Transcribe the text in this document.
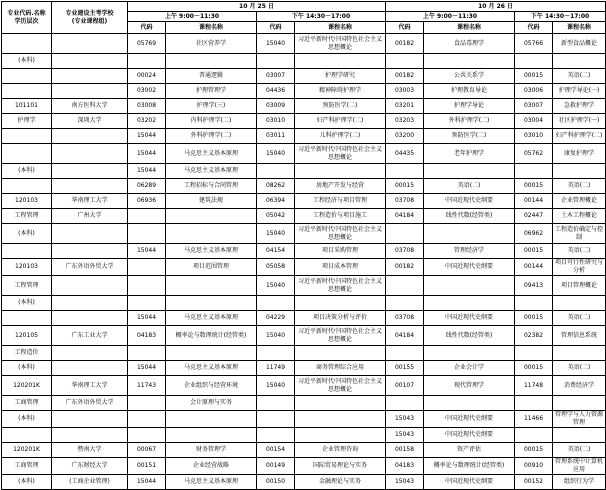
专业代码.名称
学历层次	专业建设主考学校
(专业课程组)	10 月 25 日				10 月 26 日			
		上午 9:00－11:30		下午 14:30－17:00		上午 9:00－11:30		下午 14:30－17:00	
		代码	课程名称	代码	课程名称	代码	课程名称	代码	课程名称
		05769	社区营养学	15040	习近平新时代中国特色社会主义思想概论	00182	食品毒理学	05766	新型食品概论
(本科)									
		00024	普通逻辑	03007	护理学研究	00182	公共关系学	00015	英语(二)
		03002	护理管理学	04436	精神障碍护理学	03003	护理教育导论	03006	护理学导论(一)
101101	南方医科大学	03008	护理学(三)	03009	预防医学(二)	03201	护理学导论	03007	急救护理学
护理学	深圳大学	03202	内科护理学(二)	03010	妇产科护理学(二)	03203	外科护理学(二)	03004	社区护理学(一)
		15044	外科护理学(二)	03011	儿科护理学(二)	03200	预防医学(二)	03010	妇产科护理学(二)
		15044	马克思主义基本原理	15040	习近平新时代中国特色社会主义思想概论	04435	老年护理学	05762	康复护理学
(本科)		15044	马克思主义基本原理						
		06289	工程招标与合同管理	08262	房地产开发与经营	00015	英语(二)	00015	英语(二)
120103	华南理工大学	06936	建筑法规	06394	工程经济与项目管理	03708	中国近现代史纲要	00144	企业管理概论
工程管理	广州大学			05042	工程造价与项目施工	04184	线性代数(经管类)	02447	土木工程概论
(本科)				15040	习近平新时代中国特色社会主义思想概论			06962	工程造价确定与控制
		15044	马克思主义基本原理	04154	项目采购管理	03708	管理经济学	00015	英语(二)
120103	广东外语外贸大学		项目范围管理	05058	项目成本管理	00182	中国近现代史纲要	00144	项目可行性研究与分析
工程管理				15040	习近平新时代中国特色社会主义思想概论			09413	项目管理概论
(本科)									
		15044	马克思主义基本原理	04229	项目决策分析与评价	03708	中国近现代史纲要	00015	英语(二)
120105	广东工业大学	04183	概率论与数理统计(经管类)	15040	习近平新时代中国特色社会主义思想概论	04184	线性代数(经管类)	02382	管理信息系统
工程造价									
(本科)		15044	马克思主义基本原理	11749	商务管理综合应用	00155	企业会计学	00015	英语(二)
120201K	华南理工大学	11743	企业组织与经营环境	15040	习近平新时代中国特色社会主义思想概论	00107	现代管理学	11748	消费经济学
工商管理	广东外语外贸大学		会计原理与实务						
(本科)						15043	中国近现代史纲要	11466	管理学与人力资源管理
						15043	中国近现代史纲要		
120201K	暨南大学	00067	财务管理学	00154	企业管理咨询	00158	资产评估	00015	英语(二)
工商管理	广东财经大学	00151	企业经营战略	00149	国际贸易理论与实务	04183	概率论与数理统计(经管类)	00910	管理系统中计算机应用
(本科)	(工商企业管理)	15044	马克思主义基本原理	00150	金融理论与实务	15043	中国近现代史纲要	00152	组织行为学
